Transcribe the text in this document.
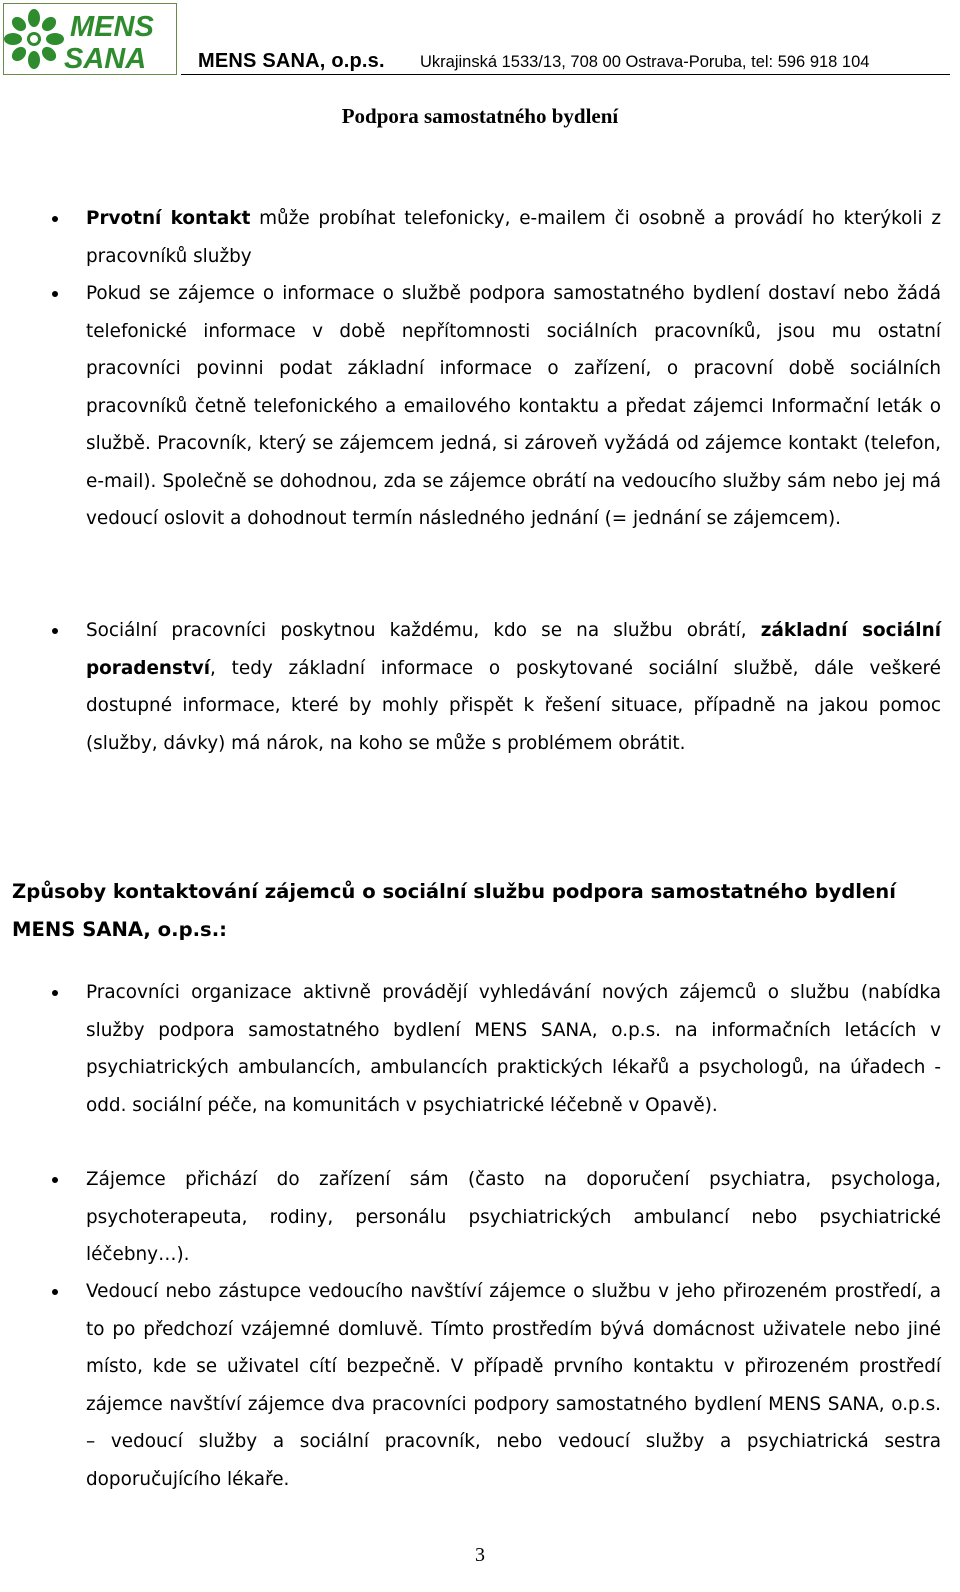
MENS
SANA	MENS SANA, o.p.s. Ukrajinská 1533/13, 708 00 Ostrava-Poruba, tel: 596 918 104
Podpora samostatného bydlení
Prvotní kontakt může probíhat telefonicky, e-mailem či osobně a provádí ho kterýkoli z pracovníků služby
Pokud se zájemce o informace o službě podpora samostatného bydlení dostaví nebo žádá telefonické informace v době nepřítomnosti sociálních pracovníků, jsou mu ostatní pracovníci povinni podat základní informace o zařízení, o pracovní době sociálních pracovníků četně telefonického a emailového kontaktu a předat zájemci Informační leták o službě. Pracovník, který se zájemcem jedná, si zároveň vyžádá od zájemce kontakt (telefon, e-mail). Společně se dohodnou, zda se zájemce obrátí na vedoucího služby sám nebo jej má vedoucí oslovit a dohodnout termín následného jednání (= jednání se zájemcem).
Sociální pracovníci poskytnou každému, kdo se na službu obrátí, základní sociální poradenství, tedy základní informace o poskytované sociální službě, dále veškeré dostupné informace, které by mohly přispět k řešení situace, případně na jakou pomoc (služby, dávky) má nárok, na koho se může s problémem obrátit.
Způsoby kontaktování zájemců o sociální službu podpora samostatného bydlení MENS SANA, o.p.s.:
Pracovníci organizace aktivně provádějí vyhledávání nových zájemců o službu (nabídka služby podpora samostatného bydlení MENS SANA, o.p.s. na informačních letácích v psychiatrických ambulancích, ambulancích praktických lékařů a psychologů, na úřadech - odd. sociální péče, na komunitách v psychiatrické léčebně v Opavě).
Zájemce přichází do zařízení sám (často na doporučení psychiatra, psychologa, psychoterapeuta, rodiny, personálu psychiatrických ambulancí nebo psychiatrické léčebny…).
Vedoucí nebo zástupce vedoucího navštíví zájemce o službu v jeho přirozeném prostředí, a to po předchozí vzájemné domluvě. Tímto prostředím bývá domácnost uživatele nebo jiné místo, kde se uživatel cítí bezpečně. V případě prvního kontaktu v přirozeném prostředí zájemce navštíví zájemce dva pracovníci podpory samostatného bydlení MENS SANA, o.p.s. – vedoucí služby a sociální pracovník, nebo vedoucí služby a psychiatrická sestra doporučujícího lékaře.
3
